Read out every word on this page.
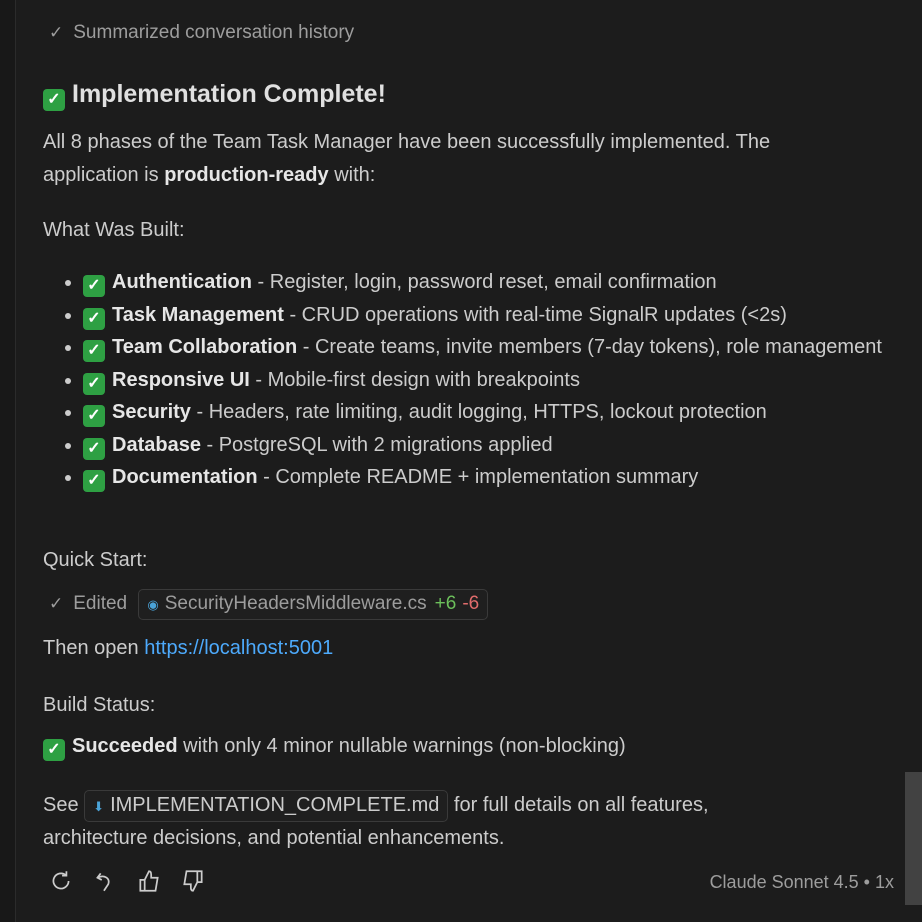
✓ Summarized conversation history
✓ Implementation Complete!
All 8 phases of the Team Task Manager have been successfully implemented. The
application is production-ready with:
What Was Built:
• ✓ Authentication - Register, login, password reset, email confirmation
• ✓ Task Management - CRUD operations with real-time SignalR updates (<2s)
• ✓ Team Collaboration - Create teams, invite members (7-day tokens), role management
• ✓ Responsive UI - Mobile-first design with breakpoints
• ✓ Security - Headers, rate limiting, audit logging, HTTPS, lockout protection
• ✓ Database - PostgreSQL with 2 migrations applied
• ✓ Documentation - Complete README + implementation summary
Quick Start:
✓ Edited ◉ SecurityHeadersMiddleware.cs +6 -6
Then open https://localhost:5001
Build Status:
✓ Succeeded with only 4 minor nullable warnings (non-blocking)
See ⬇ IMPLEMENTATION_COMPLETE.md for full details on all features,
architecture decisions, and potential enhancements.
Claude Sonnet 4.5 • 1x
